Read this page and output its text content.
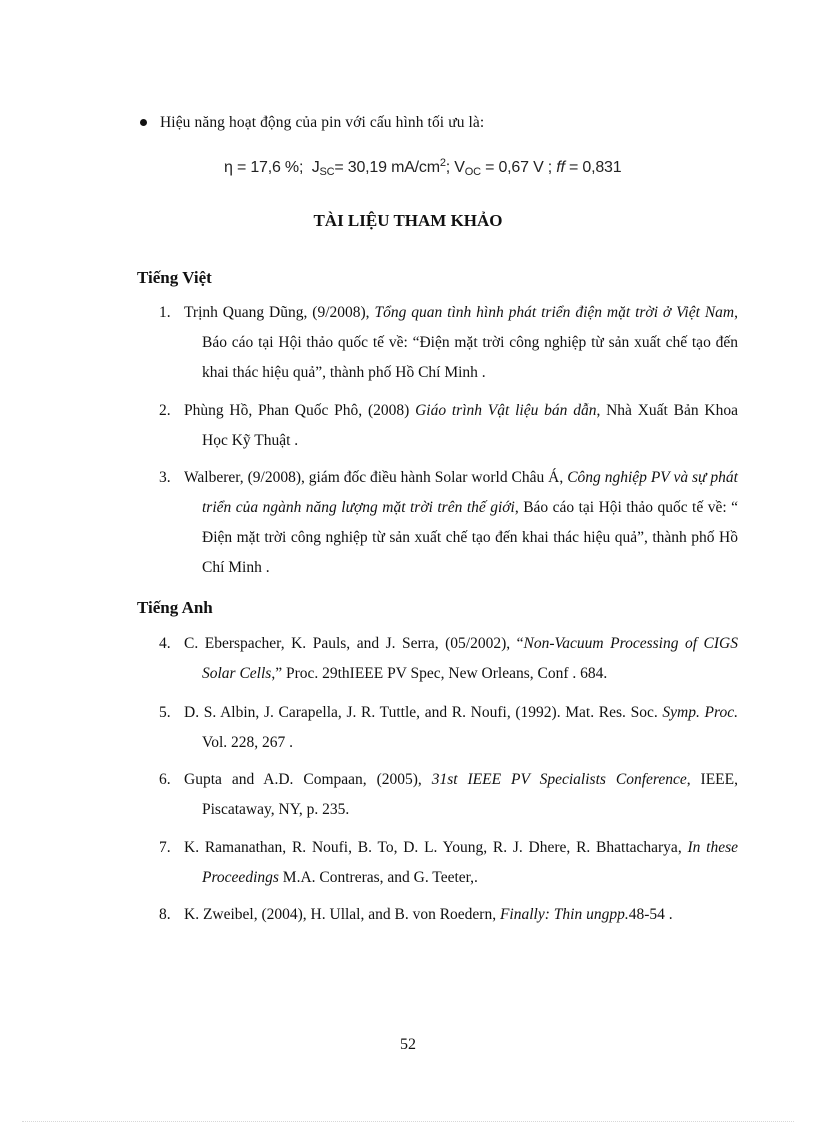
Hiệu năng hoạt động của pin với cấu hình tối ưu là:
η = 17,6 %;  $J_{SC}= 30,19$ $mA/cm^2$; $V_{OC} = 0,67$ V ; ff = 0,831
TÀI LIỆU THAM KHẢO
Tiếng Việt
1. Trịnh Quang Dũng, (9/2008), Tổng quan tình hình phát triển điện mặt trời ở Việt Nam, Báo cáo tại Hội thảo quốc tế về: “Điện mặt trời công nghiệp từ sản xuất chế tạo đến khai thác hiệu quả”, thành phố Hồ Chí Minh .
2. Phùng Hồ, Phan Quốc Phô, (2008) Giáo trình Vật liệu bán dẫn, Nhà Xuất Bản Khoa Học Kỹ Thuật .
3. Walberer, (9/2008), giám đốc điều hành Solar world Châu Á, Công nghiệp PV và sự phát triển của ngành năng lượng mặt trời trên thế giới, Báo cáo tại Hội thảo quốc tế về: “ Điện mặt trời công nghiệp từ sản xuất chế tạo đến khai thác hiệu quả”, thành phố Hồ Chí Minh .
Tiếng Anh
4. C. Eberspacher, K. Pauls, and J. Serra, (05/2002), “Non-Vacuum Processing of CIGS Solar Cells,” Proc. 29thIEEE PV Spec, New Orleans, Conf . 684.
5. D. S. Albin, J. Carapella, J. R. Tuttle, and R. Noufi, (1992). Mat. Res. Soc. Symp. Proc. Vol. 228, 267 .
6. Gupta and A.D. Compaan, (2005), 31st IEEE PV Specialists Conference, IEEE, Piscataway, NY, p. 235.
7. K. Ramanathan, R. Noufi, B. To, D. L. Young, R. J. Dhere, R. Bhattacharya, In these Proceedings M.A. Contreras, and G. Teeter,.
8. K. Zweibel, (2004), H. Ullal, and B. von Roedern, Finally: Thin ungpp.48-54 .
52
